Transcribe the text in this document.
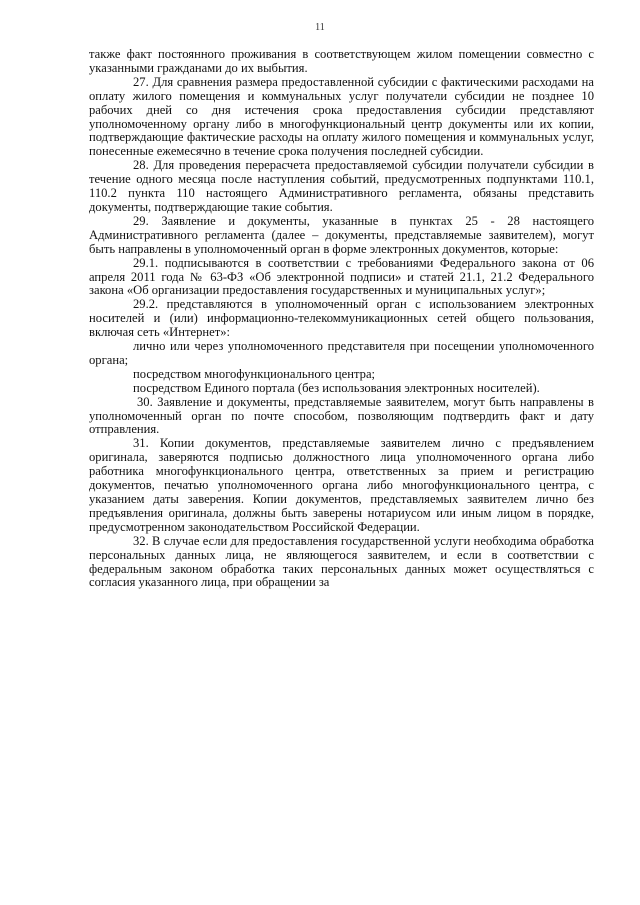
11

также факт постоянного проживания в соответствующем жилом помещении совместно с указанными гражданами до их выбытия.

27. Для сравнения размера предоставленной субсидии с фактическими расходами на оплату жилого помещения и коммунальных услуг получатели субсидии не позднее 10 рабочих дней со дня истечения срока предоставления субсидии представляют уполномоченному органу либо в многофункциональный центр документы или их копии, подтверждающие фактические расходы на оплату жилого помещения и коммунальных услуг, понесенные ежемесячно в течение срока получения последней субсидии.

28. Для проведения перерасчета предоставляемой субсидии получатели субсидии в течение одного месяца после наступления событий, предусмотренных подпунктами 110.1, 110.2 пункта 110 настоящего Административного регламента, обязаны представить документы, подтверждающие такие события.

29. Заявление и документы, указанные в пунктах 25 - 28 настоящего Административного регламента (далее – документы, представляемые заявителем), могут быть направлены в уполномоченный орган в форме электронных документов, которые:

29.1. подписываются в соответствии с требованиями Федерального закона от 06 апреля 2011 года № 63-ФЗ «Об электронной подписи» и статей 21.1, 21.2 Федерального закона «Об организации предоставления государственных и муниципальных услуг»;

29.2. представляются в уполномоченный орган с использованием электронных носителей и (или) информационно-телекоммуникационных сетей общего пользования, включая сеть «Интернет»:

лично или через уполномоченного представителя при посещении уполномоченного органа;

посредством многофункционального центра;

посредством Единого портала (без использования электронных носителей).

30. Заявление и документы, представляемые заявителем, могут быть направлены в уполномоченный орган по почте способом, позволяющим подтвердить факт и дату отправления.

31. Копии документов, представляемые заявителем лично с предъявлением оригинала, заверяются подписью должностного лица уполномоченного органа либо работника многофункционального центра, ответственных за прием и регистрацию документов, печатью уполномоченного органа либо многофункционального центра, с указанием даты заверения. Копии документов, представляемых заявителем лично без предъявления оригинала, должны быть заверены нотариусом или иным лицом в порядке, предусмотренном законодательством Российской Федерации.

32. В случае если для предоставления государственной услуги необходима обработка персональных данных лица, не являющегося заявителем, и если в соответствии с федеральным законом обработка таких персональных данных может осуществляться с согласия указанного лица, при обращении за
